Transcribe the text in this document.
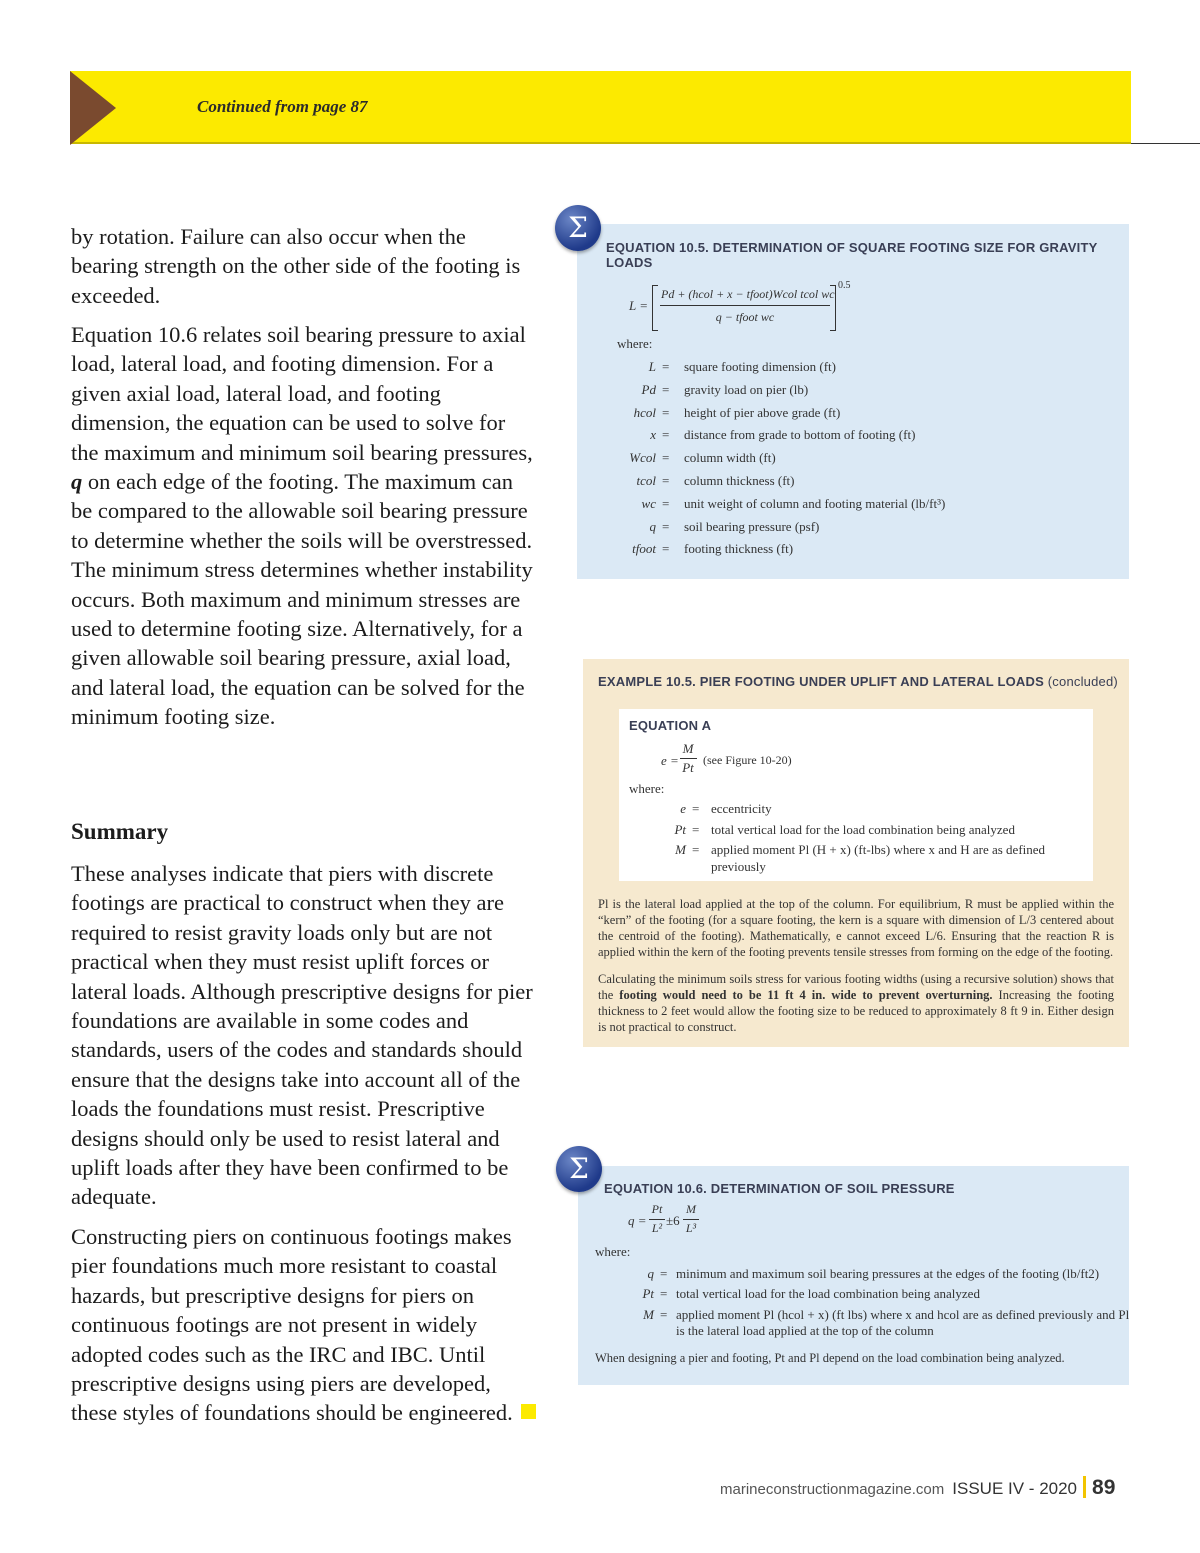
Continued from page 87

by rotation. Failure can also occur when the bearing strength on the other side of the footing is exceeded.

Equation 10.6 relates soil bearing pressure to axial load, lateral load, and footing dimension. For a given axial load, lateral load, and footing dimension, the equation can be used to solve for the maximum and minimum soil bearing pressures, q on each edge of the footing. The maximum can be compared to the allowable soil bearing pressure to determine whether the soils will be overstressed. The minimum stress determines whether instability occurs. Both maximum and minimum stresses are used to determine footing size. Alternatively, for a given allowable soil bearing pressure, axial load, and lateral load, the equation can be solved for the minimum footing size.

Summary

These analyses indicate that piers with discrete footings are practical to construct when they are required to resist gravity loads only but are not practical when they must resist uplift forces or lateral loads. Although prescriptive designs for pier foundations are available in some codes and standards, users of the codes and standards should ensure that the designs take into account all of the loads the foundations must resist. Prescriptive designs should only be used to resist lateral and uplift loads after they have been confirmed to be adequate.

Constructing piers on continuous footings makes pier foundations much more resistant to coastal hazards, but prescriptive designs for piers on continuous footings are not present in widely adopted codes such as the IRC and IBC. Until prescriptive designs using piers are developed, these styles of foundations should be engineered.

Σ
EQUATION 10.5. DETERMINATION OF SQUARE FOOTING SIZE FOR GRAVITY LOADS
L =
Pd + (hcol + x − tfoot)Wcol tcol wc
q − tfoot wc
0.5
where:
L = square footing dimension (ft)
Pd = gravity load on pier (lb)
hcol = height of pier above grade (ft)
x = distance from grade to bottom of footing (ft)
Wcol = column width (ft)
tcol = column thickness (ft)
wc = unit weight of column and footing material (lb/ft³)
q = soil bearing pressure (psf)
tfoot = footing thickness (ft)
EXAMPLE 10.5. PIER FOOTING UNDER UPLIFT AND LATERAL LOADS (concluded)
EQUATION A
e =
M
Pt (see Figure 10-20)
where:
e = eccentricity
Pt = total vertical load for the load combination being analyzed
M = applied moment Pl (H + x) (ft-lbs) where x and H are as defined
previously
Pl is the lateral load applied at the top of the column. For equilibrium, R must be applied within the “kern” of the footing (for a square footing, the kern is a square with dimension of L/3 centered about the centroid of the footing). Mathematically, e cannot exceed L/6. Ensuring that the reaction R is applied within the kern of the footing prevents tensile stresses from forming on the edge of the footing.
Calculating the minimum soils stress for various footing widths (using a recursive solution) shows that the footing would need to be 11 ft 4 in. wide to prevent overturning. Increasing the footing thickness to 2 feet would allow the footing size to be reduced to approximately 8 ft 9 in. Either design is not practical to construct.
Σ
EQUATION 10.6. DETERMINATION OF SOIL PRESSURE
q =
Pt
L² ±6
M
L³
where:
q = minimum and maximum soil bearing pressures at the edges of the footing (lb/ft2)
Pt = total vertical load for the load combination being analyzed
M = applied moment Pl (hcol + x) (ft lbs) where x and hcol are as defined previously and Pl
is the lateral load applied at the top of the column
When designing a pier and footing, Pt and Pl depend on the load combination being analyzed.
marineconstructionmagazine.com ISSUE IV - 2020 89
